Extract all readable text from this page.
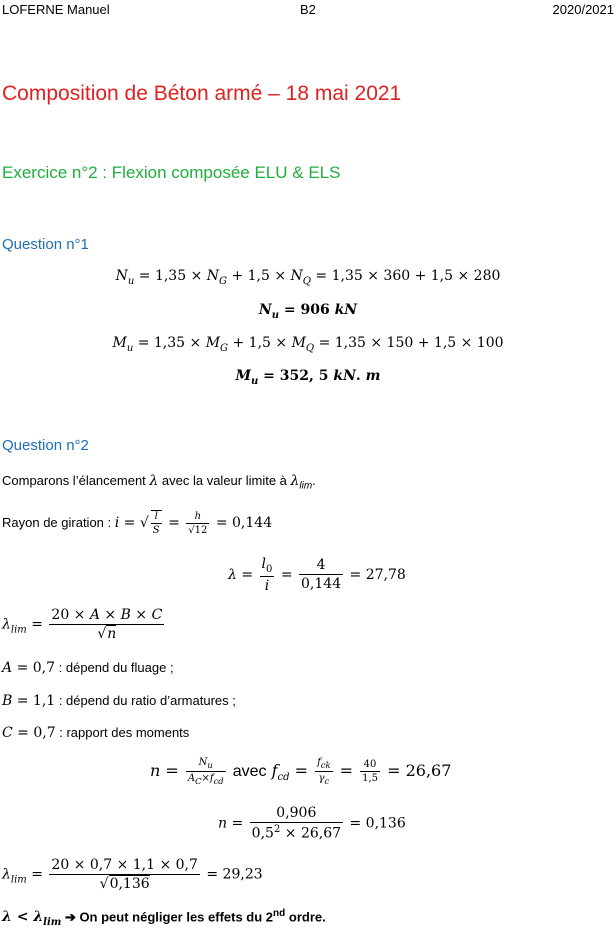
LOFERNE Manuel	B2	2020/2021
Composition de Béton armé – 18 mai 2021
Exercice n°2 : Flexion composée ELU & ELS
Question n°1
$N_u = 1,35 \times N_G + 1,5 \times N_Q = 1,35 \times 360 + 1,5 \times 280$
$N_u = 906$ kN
$M_u = 1,35 \times M_G + 1,5 \times M_Q = 1,35 \times 150 + 1,5 \times 100$
$M_u = 352$, 5 kN. m
Question n°2
Comparons l’élancement λ avec la valeur limite à $\lambda_{lim}$.
Rayon de giration : i = √ $\frac{l}{S} = \frac{h}{√12} = 0,144$
$\lambda = \frac{l_0}{i} = \frac{4}{0,144} = 27,78$
$\lambda_{lim} = \frac{20 \times A \times B \times C}{√n}$
A = 0,7 : dépend du fluage ;
B = 1,1 : dépend du ratio d’armatures ;
C = 0,7 : rapport des moments
$n = \frac{N_u}{A_C\times f_{cd}}$ avec $f_{cd} = \frac{f_{ck}}{\gamma_c} = \frac{40}{1,5} = 26,67$
$n = \frac{0,906}{0,5^2 \times 26,67} = 0,136$
$\lambda_{lim} = \frac{20 \times 0,7 \times 1,1 \times 0,7}{√0,136} = 29,23$
$\lambda < \lambda_{lim}$ ➔ On peut négliger les effets du 2nd ordre.
